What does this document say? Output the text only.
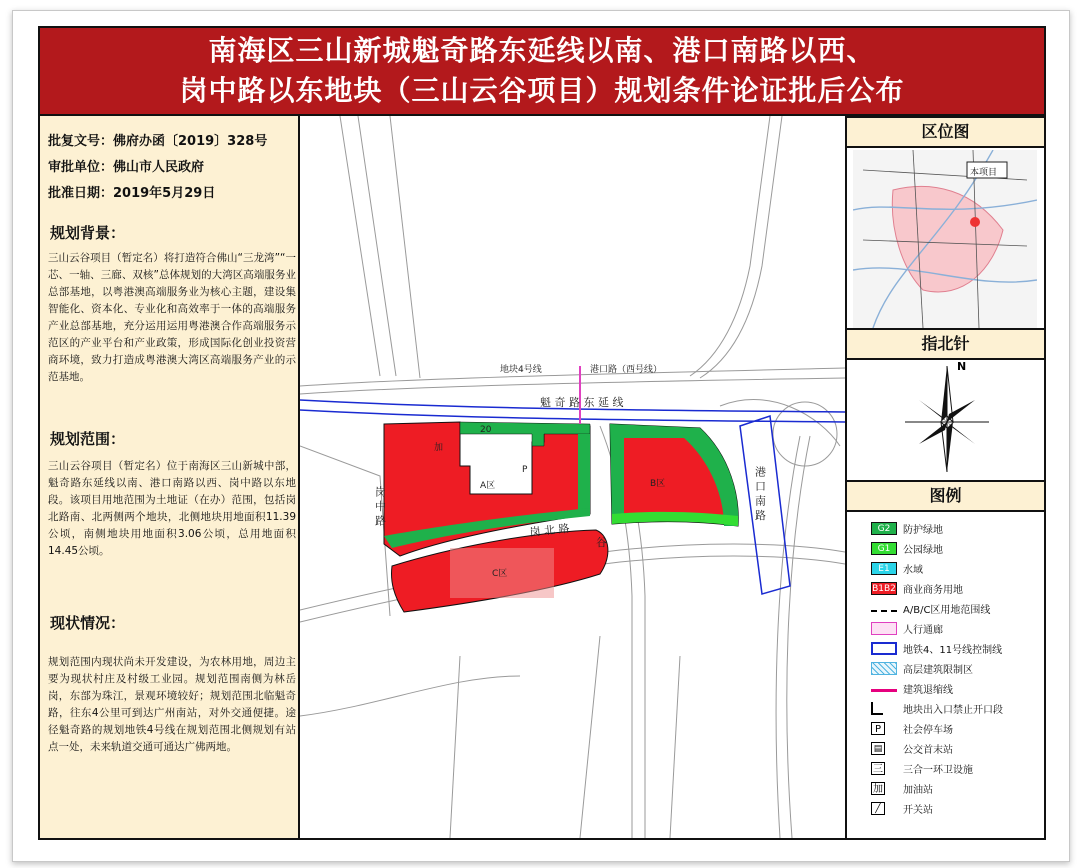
南海区三山新城魁奇路东延线以南、港口南路以西、
岗中路以东地块（三山云谷项目）规划条件论证批后公布
批复文号：佛府办函〔2019〕328号
审批单位：佛山市人民政府
批准日期：2019年5月29日
规划背景：
三山云谷项目（暂定名）将打造符合佛山“三龙湾”“一芯、一轴、三廊、双核”总体规划的大湾区高端服务业总部基地，以粤港澳高端服务业为核心主题，建设集智能化、资本化、专业化和高效率于一体的高端服务产业总部基地，充分运用运用粤港澳合作高端服务示范区的产业平台和产业政策，形成国际化创业投资营商环境，致力打造成粤港澳大湾区高端服务产业的示范基地。
规划范围：
三山云谷项目（暂定名）位于南海区三山新城中部，魁奇路东延线以南、港口南路以西、岗中路以东地段。该项目用地范围为土地证（在办）范围，包括岗北路南、北两侧两个地块，北侧地块用地面积11.39公顷，南侧地块用地面积3.06公顷，总用地面积14.45公顷。
现状情况：
规划范围内现状尚未开发建设，为农林用地，周边主要为现状村庄及村级工业园。规划范围南侧为林岳岗，东部为珠江，景观环境较好；规划范围北临魁奇路，往东4公里可到达广州南站，对外交通便捷。途径魁奇路的规划地铁4号线在规划范围北侧规划有站点一处，未来轨道交通可通达广佛两地。
魁 奇 路 东 延 线
地块4号线	港口路（西号线）
岗 北 路
岗 中 路	港 口 南 路
谷
A区	B区
C区
加
P
20
区位图
本项目
指北针
N
图例
G2	防护绿地
G1	公园绿地
E1	水域
B1B2 商业商务用地
A/B/C区用地范围线
人行通廊
地铁4、11号线控制线
高层建筑限制区
建筑退缩线
地块出入口禁止开口段
P	社会停车场
▤ 公交首末站
三 三合一环卫设施
加 加油站
╱	开关站
